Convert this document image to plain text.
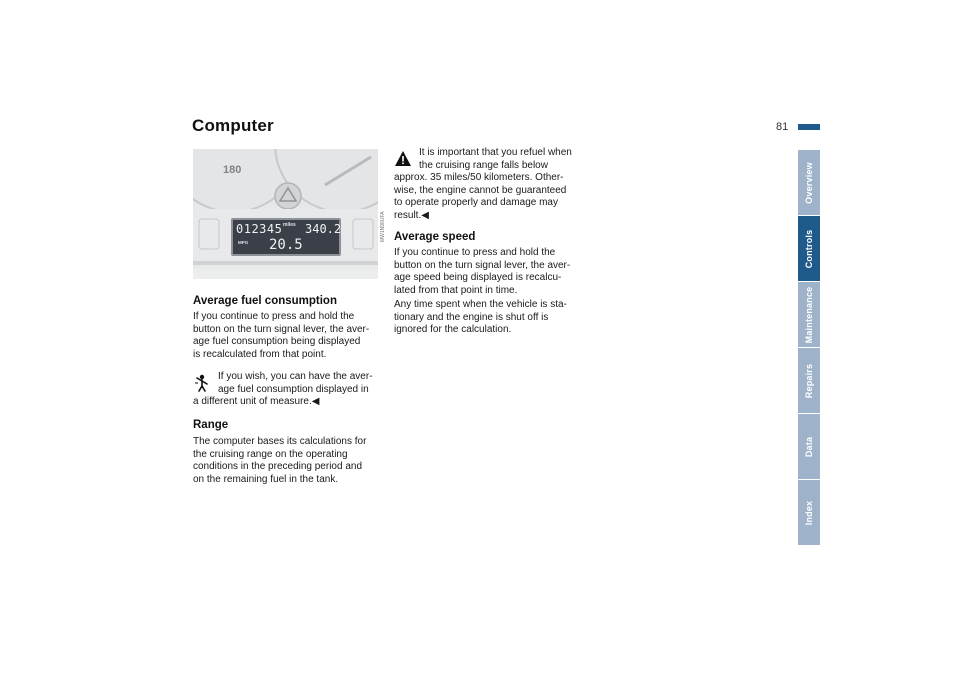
Computer	81
Overview
Controls
Maintenance
Repairs
Data
Index
180
012345 miles 340.2
MPG 20.5
MW1N98UFA
Average fuel consumption
If you continue to press and hold the
button on the turn signal lever, the aver-
age fuel consumption being displayed
is recalculated from that point.
If you wish, you can have the aver-
age fuel consumption displayed in
a different unit of measure.◀
Range
The computer bases its calculations for
the cruising range on the operating
conditions in the preceding period and
on the remaining fuel in the tank.
It is important that you refuel when
the cruising range falls below
approx. 35 miles/50 kilometers. Other-
wise, the engine cannot be guaranteed
to operate properly and damage may
result.◀
Average speed
If you continue to press and hold the
button on the turn signal lever, the aver-
age speed being displayed is recalcu-
lated from that point in time.
Any time spent when the vehicle is sta-
tionary and the engine is shut off is
ignored for the calculation.
